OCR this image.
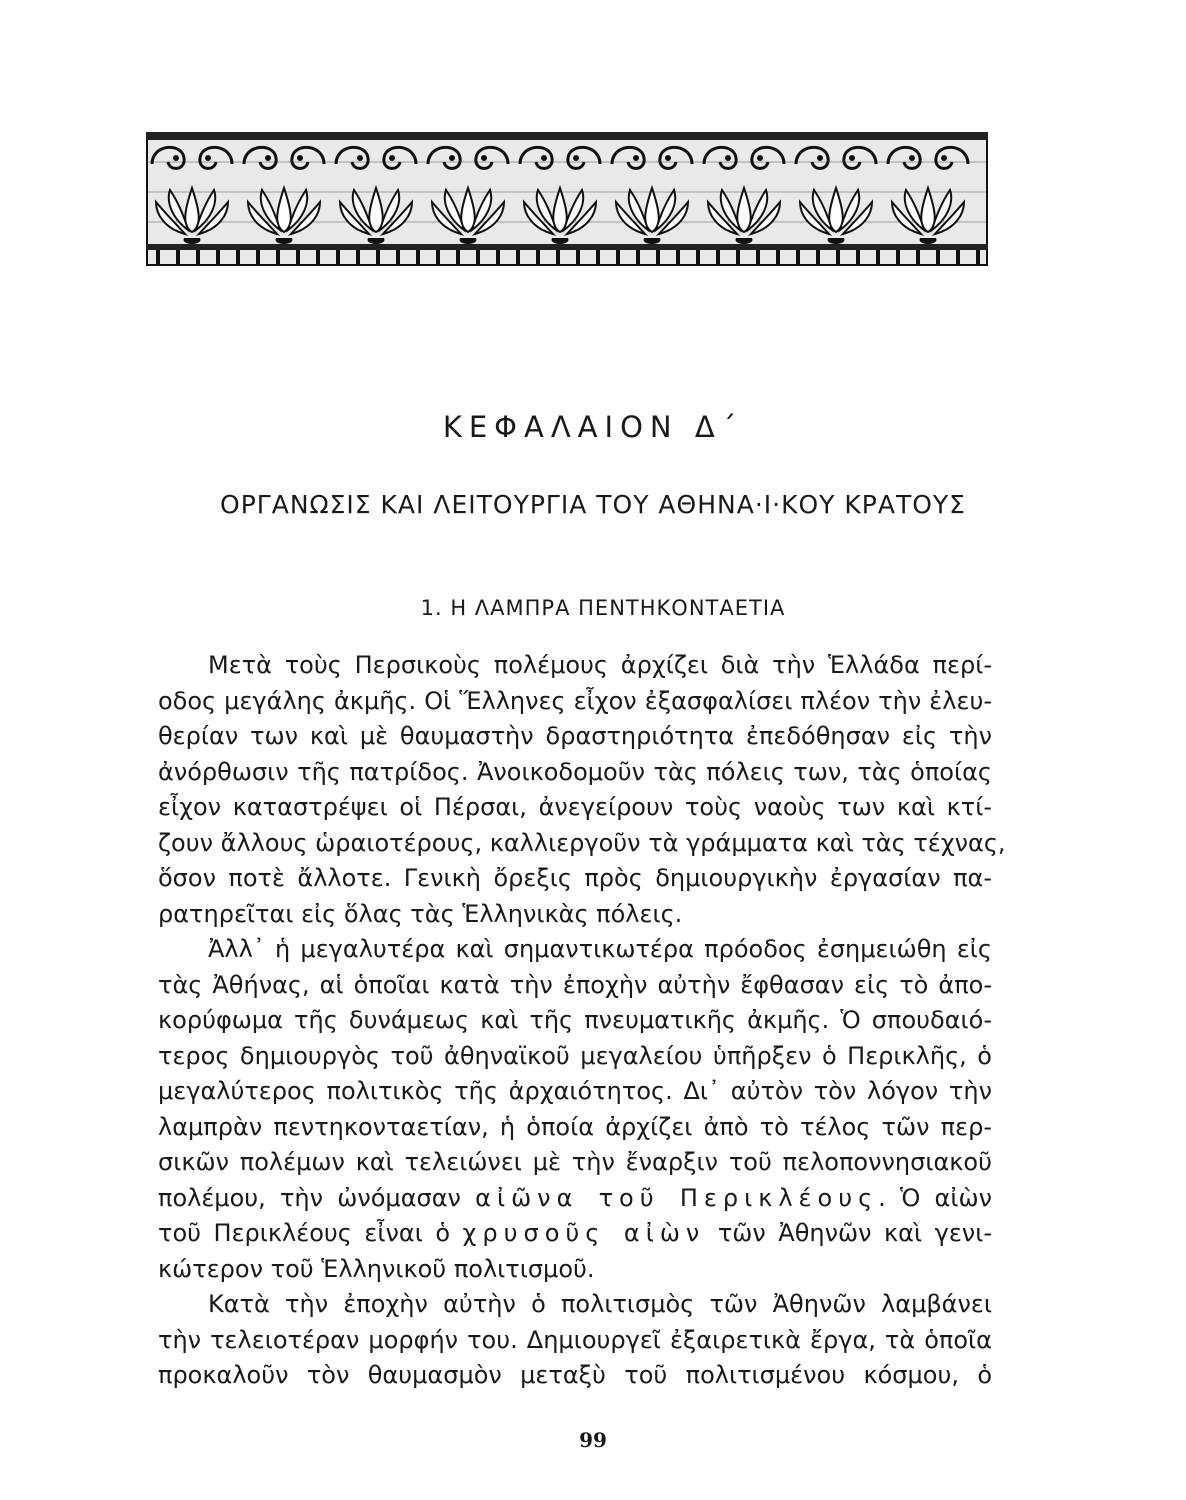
ΚΕΦΑΛΑΙΟΝ Δ΄
ΟΡΓΑΝΩΣΙΣ ΚΑΙ ΛΕΙΤΟΥΡΓΙΑ ΤΟΥ ΑΘΗΝΑ·Ι·ΚΟΥ ΚΡΑΤΟΥΣ
1. Η ΛΑΜΠΡΑ ΠΕΝΤΗΚΟΝΤΑΕΤΙΑ
Μετὰ τοὺς Περσικοὺς πολέμους ἀρχίζει διὰ τὴν Ἑλλάδα περί-
οδος μεγάλης ἀκμῆς. Οἱ Ἕλληνες εἶχον ἐξασφαλίσει πλέον τὴν ἐλευ-
θερίαν των καὶ μὲ θαυμαστὴν δραστηριότητα ἐπεδόθησαν εἰς τὴν
ἀνόρθωσιν τῆς πατρίδος. Ἀνοικοδομοῦν τὰς πόλεις των, τὰς ὁποίας
εἶχον καταστρέψει οἱ Πέρσαι, ἀνεγείρουν τοὺς ναοὺς των καὶ κτί-
ζουν ἄλλους ὡραιοτέρους, καλλιεργοῦν τὰ γράμματα καὶ τὰς τέχνας,
ὅσον ποτὲ ἄλλοτε. Γενικὴ ὄρεξις πρὸς δημιουργικὴν ἐργασίαν πα-
ρατηρεῖται εἰς ὅλας τὰς Ἑλληνικὰς πόλεις.
Ἀλλ᾽ ἡ μεγαλυτέρα καὶ σημαντικωτέρα πρόοδος ἐσημειώθη εἰς
τὰς Ἀθήνας, αἱ ὁποῖαι κατὰ τὴν ἐποχὴν αὐτὴν ἔφθασαν εἰς τὸ ἀπο-
κορύφωμα τῆς δυνάμεως καὶ τῆς πνευματικῆς ἀκμῆς. Ὁ σπουδαιό-
τερος δημιουργὸς τοῦ ἀθηναϊκοῦ μεγαλείου ὑπῆρξεν ὁ Περικλῆς, ὁ
μεγαλύτερος πολιτικὸς τῆς ἀρχαιότητος. Δι᾽ αὐτὸν τὸν λόγον τὴν
λαμπρὰν πεντηκονταετίαν, ἡ ὁποία ἀρχίζει ἀπὸ τὸ τέλος τῶν περ-
σικῶν πολέμων καὶ τελειώνει μὲ τὴν ἔναρξιν τοῦ πελοποννησιακοῦ
πολέμου, τὴν ὠνόμασαν αἰῶνα τοῦ Περικλέους. Ὁ αἰὼν
τοῦ Περικλέους εἶναι ὁ χρυσοῦς αἰὼν τῶν Ἀθηνῶν καὶ γενι-
κώτερον τοῦ Ἑλληνικοῦ πολιτισμοῦ.
Κατὰ τὴν ἐποχὴν αὐτὴν ὁ πολιτισμὸς τῶν Ἀθηνῶν λαμβάνει
τὴν τελειοτέραν μορφήν του. Δημιουργεῖ ἐξαιρετικὰ ἔργα, τὰ ὁποῖα
προκαλοῦν τὸν θαυμασμὸν μεταξὺ τοῦ πολιτισμένου κόσμου, ὁ
99
